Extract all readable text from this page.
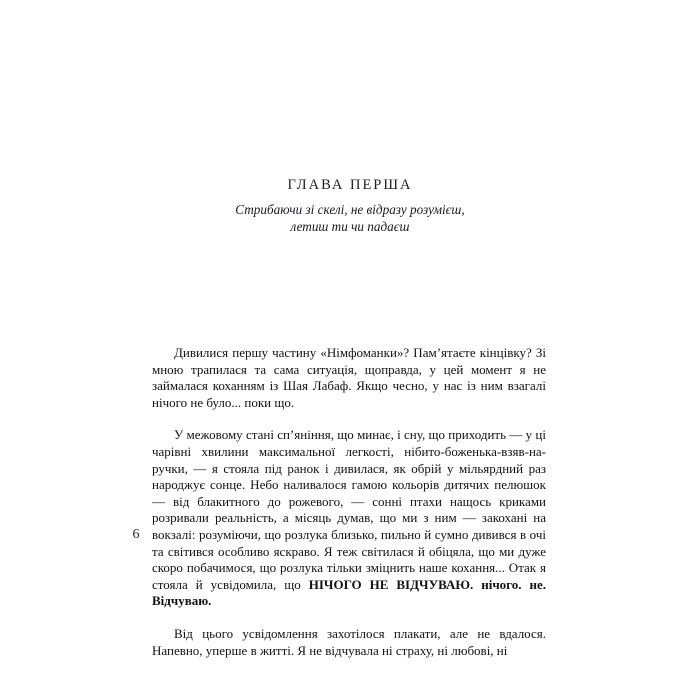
ГЛАВА ПЕРША
Стрибаючи зі скелі, не відразу розумієш,
летиш ти чи падаєш
6

Дивилися першу частину «Німфоманки»? Пам’ятаєте кінцівку? Зі мною трапилася та сама ситуація, щоправда, у цей момент я не займалася коханням із Шая Лабаф. Якщо чесно, у нас із ним взагалі нічого не було... поки що.

У межовому стані сп’яніння, що минає, і сну, що приходить — у ці чарівні хвилини максимальної легкості, нібито-боженька-взяв-на-ручки, — я стояла під ранок і дивилася, як обрій у мільярдний раз народжує сонце. Небо наливалося гамою кольорів дитячих пелюшок — від блакитного до рожевого, — сонні птахи нащось криками розривали реальність, а місяць думав, що ми з ним — закохані на вокзалі: розуміючи, що розлука близько, пильно й сумно дивився в очі та світився особливо яскраво. Я теж світилася й обіцяла, що ми дуже скоро побачимося, що розлука тільки зміцнить наше кохання... Отак я стояла й усвідомила, що НІЧОГО НЕ ВІДЧУВАЮ. нічого. не. Відчуваю.

Від цього усвідомлення захотілося плакати, але не вдалося. Напевно, уперше в житті. Я не відчувала ні страху, ні любові, ні
